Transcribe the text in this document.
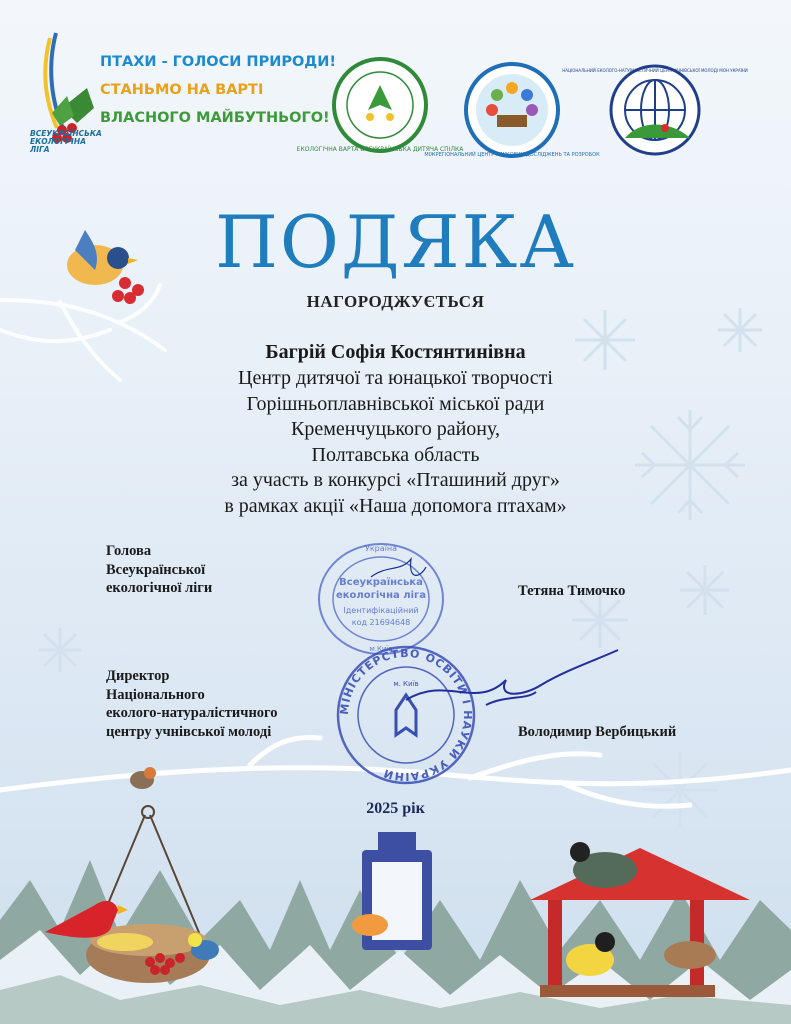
ВСЕУКРАЇНСЬКА ЕКОЛОГІЧНА ЛІГА
ПТАХИ - ГОЛОСИ ПРИРОДИ!
СТАНЬМО НА ВАРТІ
ВЛАСНОГО МАЙБУТНЬОГО!
ЕКОЛОГІЧНА ВАРТА ВСЕУКРАЇНСЬКА ДИТЯЧА СПІЛКА
МІЖРЕГІОНАЛЬНИЙ ЦЕНТР НАУКОВИХ ДОСЛІДЖЕНЬ ТА РОЗРОБОК
НАЦІОНАЛЬНИЙ ЕКОЛОГО-НАТУРАЛІСТИЧНИЙ ЦЕНТР УЧНІВСЬКОЇ МОЛОДІ МОН УКРАЇНИ
ПОДЯКА
НАГОРОДЖУЄТЬСЯ
Багрій Софія Костянтинівна
Центр дитячої та юнацької творчості
Горішньоплавнівської міської ради
Кременчуцького району,
Полтавська область
за участь в конкурсі «Пташиний друг»
в рамках акції «Наша допомога птахам»
Голова
Всеукраїнської
екологічної ліги	Тетяна Тимочко
Україна
Всеукраїнська
екологічна ліга
Ідентифікаційний
код 21694648
м.Київ
Директор
Національного
еколого-натуралістичного
центру учнівської молоді	Володимир Вербицький
МІНІСТЕРСТВО ОСВІТИ І НАУКИ УКРАЇНИ
м. Київ
2025 рік
